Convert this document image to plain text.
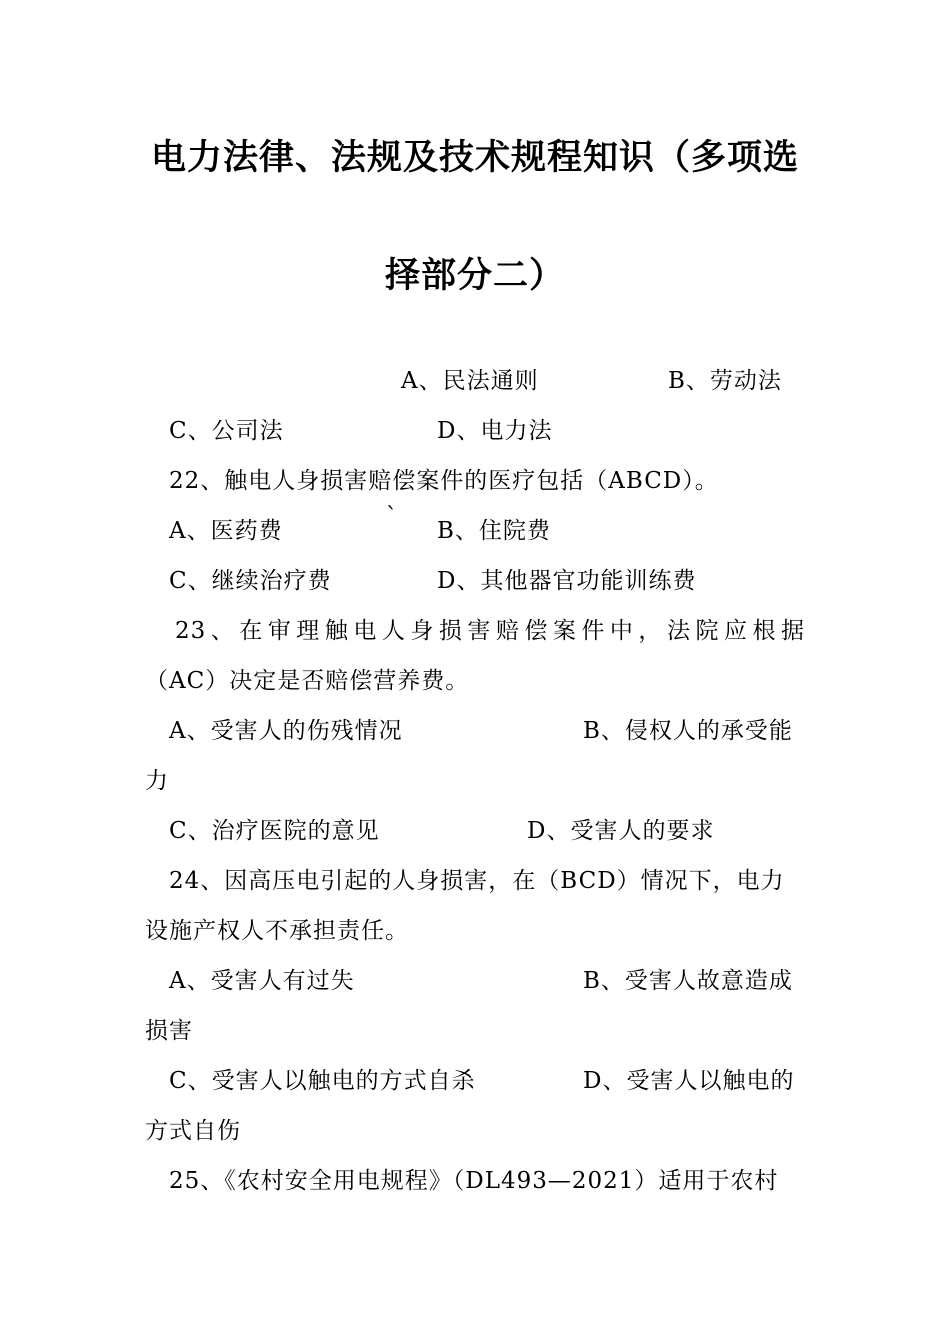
电力法律、法规及技术规程知识（多项选
择部分二）
A、民法通则	B、劳动法
C、公司法	D、电力法
22、触电人身损害赔偿案件的医疗包括（ABCD）。
A、医药费
`
B、住院费
C、继续治疗费	D、其他器官功能训练费
23、在审理触电人身损害赔偿案件中，法院应根据
（AC）决定是否赔偿营养费。
A、受害人的伤残情况	B、侵权人的承受能
力
C、治疗医院的意见	D、受害人的要求
24、因高压电引起的人身损害，在（BCD）情况下，电力
设施产权人不承担责任。
A、受害人有过失	B、受害人故意造成
损害
C、受害人以触电的方式自杀	D、受害人以触电的
方式自伤
25、《农村安全用电规程》（DL493—2021）适用于农村
